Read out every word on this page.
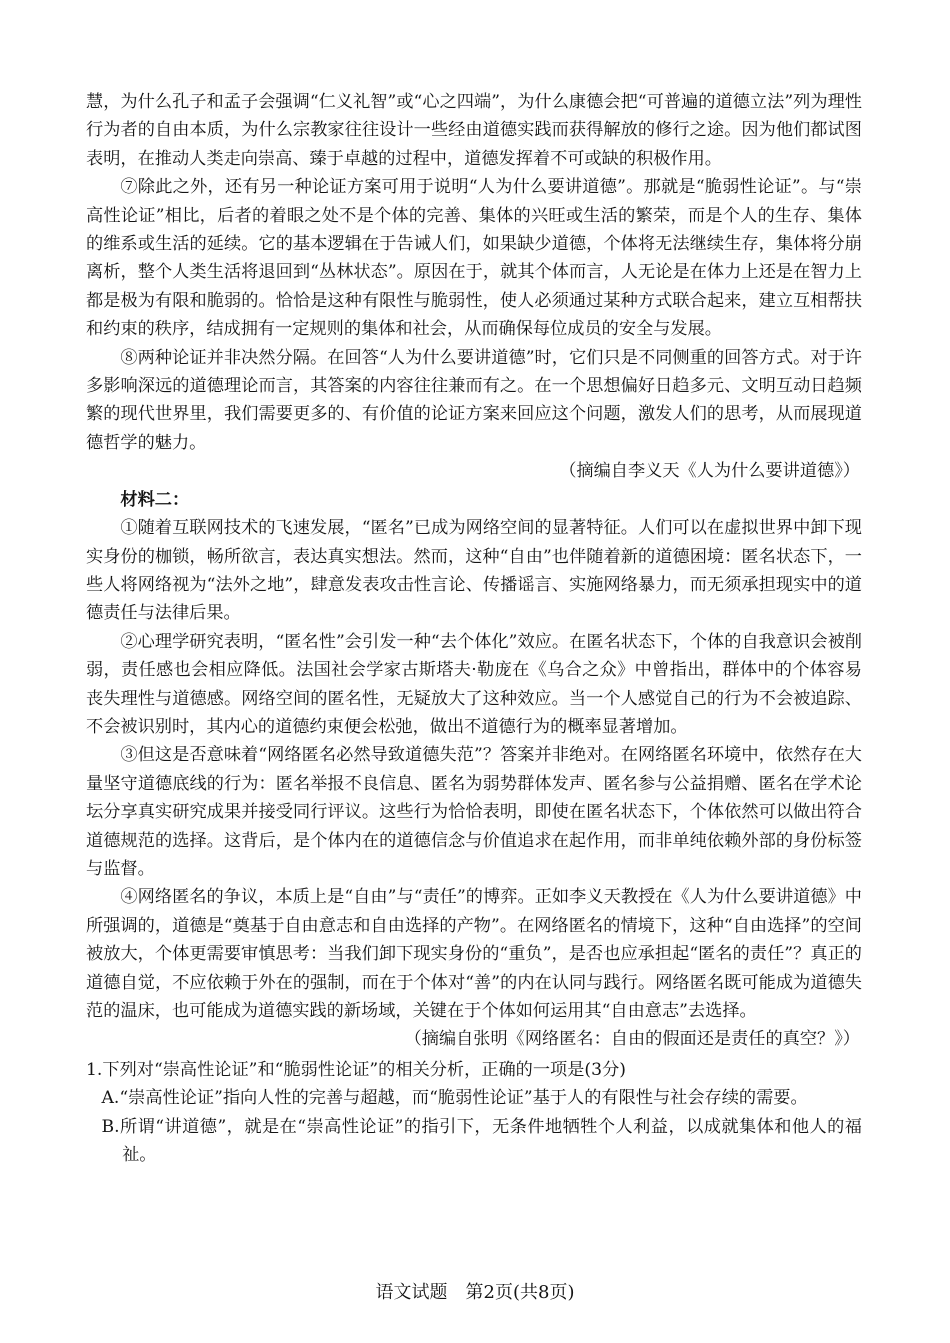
慧，为什么孔子和孟子会强调“仁义礼智”或“心之四端”，为什么康德会把“可普遍的道德立法”列为理性行为者的自由本质，为什么宗教家往往设计一些经由道德实践而获得解放的修行之途。因为他们都试图表明，在推动人类走向崇高、臻于卓越的过程中，道德发挥着不可或缺的积极作用。

⑦除此之外，还有另一种论证方案可用于说明“人为什么要讲道德”。那就是“脆弱性论证”。与“崇高性论证”相比，后者的着眼之处不是个体的完善、集体的兴旺或生活的繁荣，而是个人的生存、集体的维系或生活的延续。它的基本逻辑在于告诫人们，如果缺少道德，个体将无法继续生存，集体将分崩离析，整个人类生活将退回到“丛林状态”。原因在于，就其个体而言，人无论是在体力上还是在智力上都是极为有限和脆弱的。恰恰是这种有限性与脆弱性，使人必须通过某种方式联合起来，建立互相帮扶和约束的秩序，结成拥有一定规则的集体和社会，从而确保每位成员的安全与发展。

⑧两种论证并非决然分隔。在回答“人为什么要讲道德”时，它们只是不同侧重的回答方式。对于许多影响深远的道德理论而言，其答案的内容往往兼而有之。在一个思想偏好日趋多元、文明互动日趋频繁的现代世界里，我们需要更多的、有价值的论证方案来回应这个问题，激发人们的思考，从而展现道德哲学的魅力。

（摘编自李义天《人为什么要讲道德》）

材料二：

①随着互联网技术的飞速发展，“匿名”已成为网络空间的显著特征。人们可以在虚拟世界中卸下现实身份的枷锁，畅所欲言，表达真实想法。然而，这种“自由”也伴随着新的道德困境：匿名状态下，一些人将网络视为“法外之地”，肆意发表攻击性言论、传播谣言、实施网络暴力，而无须承担现实中的道德责任与法律后果。

②心理学研究表明，“匿名性”会引发一种“去个体化”效应。在匿名状态下，个体的自我意识会被削弱，责任感也会相应降低。法国社会学家古斯塔夫·勒庞在《乌合之众》中曾指出，群体中的个体容易丧失理性与道德感。网络空间的匿名性，无疑放大了这种效应。当一个人感觉自己的行为不会被追踪、不会被识别时，其内心的道德约束便会松弛，做出不道德行为的概率显著增加。

③但这是否意味着“网络匿名必然导致道德失范”？答案并非绝对。在网络匿名环境中，依然存在大量坚守道德底线的行为：匿名举报不良信息、匿名为弱势群体发声、匿名参与公益捐赠、匿名在学术论坛分享真实研究成果并接受同行评议。这些行为恰恰表明，即使在匿名状态下，个体依然可以做出符合道德规范的选择。这背后，是个体内在的道德信念与价值追求在起作用，而非单纯依赖外部的身份标签与监督。

④网络匿名的争议，本质上是“自由”与“责任”的博弈。正如李义天教授在《人为什么要讲道德》中所强调的，道德是“奠基于自由意志和自由选择的产物”。在网络匿名的情境下，这种“自由选择”的空间被放大，个体更需要审慎思考：当我们卸下现实身份的“重负”，是否也应承担起“匿名的责任”？真正的道德自觉，不应依赖于外在的强制，而在于个体对“善”的内在认同与践行。网络匿名既可能成为道德失范的温床，也可能成为道德实践的新场域，关键在于个体如何运用其“自由意志”去选择。

（摘编自张明《网络匿名：自由的假面还是责任的真空？》）

1.下列对“崇高性论证”和“脆弱性论证”的相关分析，正确的一项是(3分)

A.“崇高性论证”指向人性的完善与超越，而“脆弱性论证”基于人的有限性与社会存续的需要。

B.所谓“讲道德”，就是在“崇高性论证”的指引下，无条件地牺牲个人利益，以成就集体和他人的福祉。

语文试题　第2页(共8页)
